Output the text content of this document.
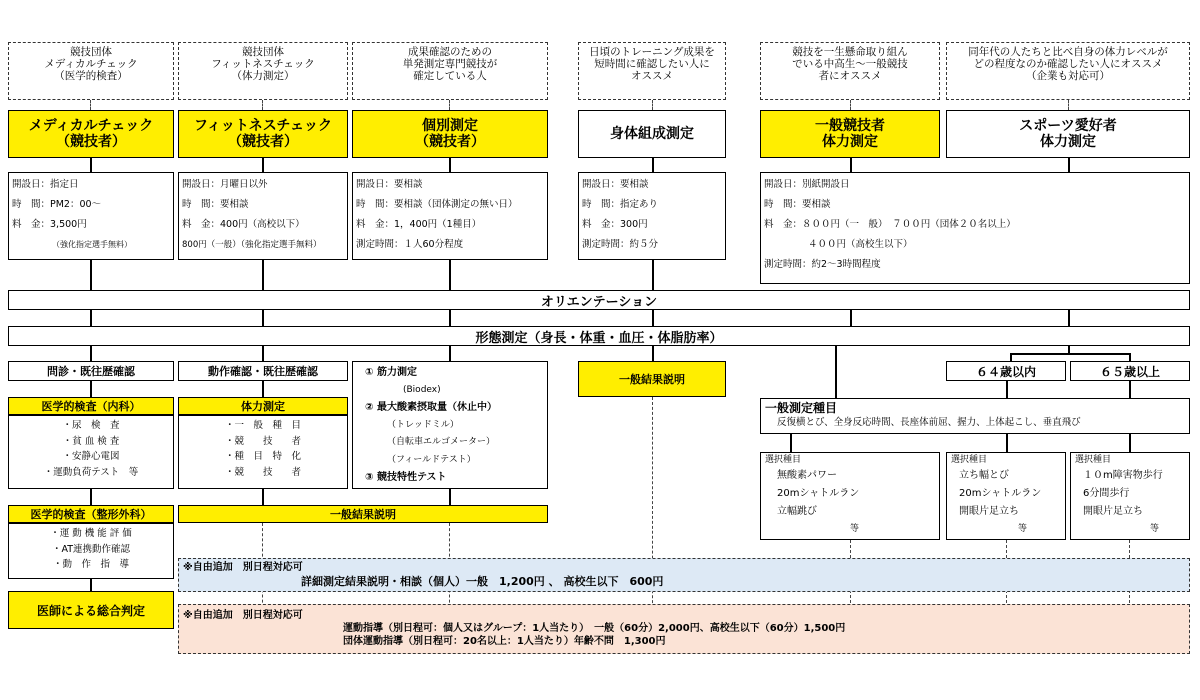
競技団体
メディカルチェック
（医学的検査）
競技団体
フィットネスチェック
（体力測定）
成果確認のための
単発測定専門競技が
確定している人
日頃のトレーニング成果を
短時間に確認したい人に
オススメ
競技を一生懸命取り組ん
でいる中高生～一般競技
者にオススメ
同年代の人たちと比べ自身の体力レベルが
どの程度なのか確認したい人にオススメ
（企業も対応可）
メディカルチェック
（競技者）
フィットネスチェック
（競技者）
個別測定
（競技者）	身体組成測定	一般競技者
体力測定
スポーツ愛好者
体力測定
開設日：指定日
時　間：PM2：00～
料　金：3,500円
（強化指定選手無料）
開設日：月曜日以外
時　間：要相談
料　金：400円（高校以下）
800円（一般）（強化指定選手無料）
開設日：要相談
時　間：要相談（団体測定の無い日）
料　金：1，400円（1種目）
測定時間：１人60分程度
開設日：要相談
時　間：指定あり
料　金：300円
測定時間：約５分
開設日：別紙開設日
時　間：要相談
料　金：８００円（一　般）　７００円（団体２０名以上）
４００円（高校生以下）
測定時間：約2～3時間程度
オリエンテーション
形態測定（身長・体重・血圧・体脂肪率）
問診・既往歴確認
医学的検査（内科）
・尿　検　査
・貧 血 検 査
・安静心電図
・運動負荷テスト　等
医学的検査（整形外科）
・運 動 機 能 評 価
・AT連携動作確認
・動　作　指　導
医師による総合判定
動作確認・既往歴確認
体力測定
・一　般　種　目
・競　　技　　者
・種　目　特　化
・競　　技　　者
① 筋力測定
(Biodex)
② 最大酸素摂取量（休止中）
（トレッドミル）
（自転車エルゴメーター）
（フィールドテスト）
③ 競技特性テスト
一般結果説明
一般結果説明
６４歳以内	６５歳以上
一般測定種目
反復横とび、全身反応時間、長座体前屈、握力、上体起こし、垂直飛び
選択種目
無酸素パワー
20mシャトルラン
立幅跳び
等
選択種目
立ち幅とび
20mシャトルラン
開眼片足立ち
等
選択種目
１０m障害物歩行
6分間歩行
開眼片足立ち
等
※自由追加　別日程対応可
詳細測定結果説明・相談（個人）一般　1,200円 、 高校生以下　600円
※自由追加　別日程対応可
運動指導（別日程可：個人又はグループ：1人当たり）　一般（60分）2,000円、高校生以下（60分）1,500円
団体運動指導（別日程可：20名以上：1人当たり）年齢不問　1,300円
